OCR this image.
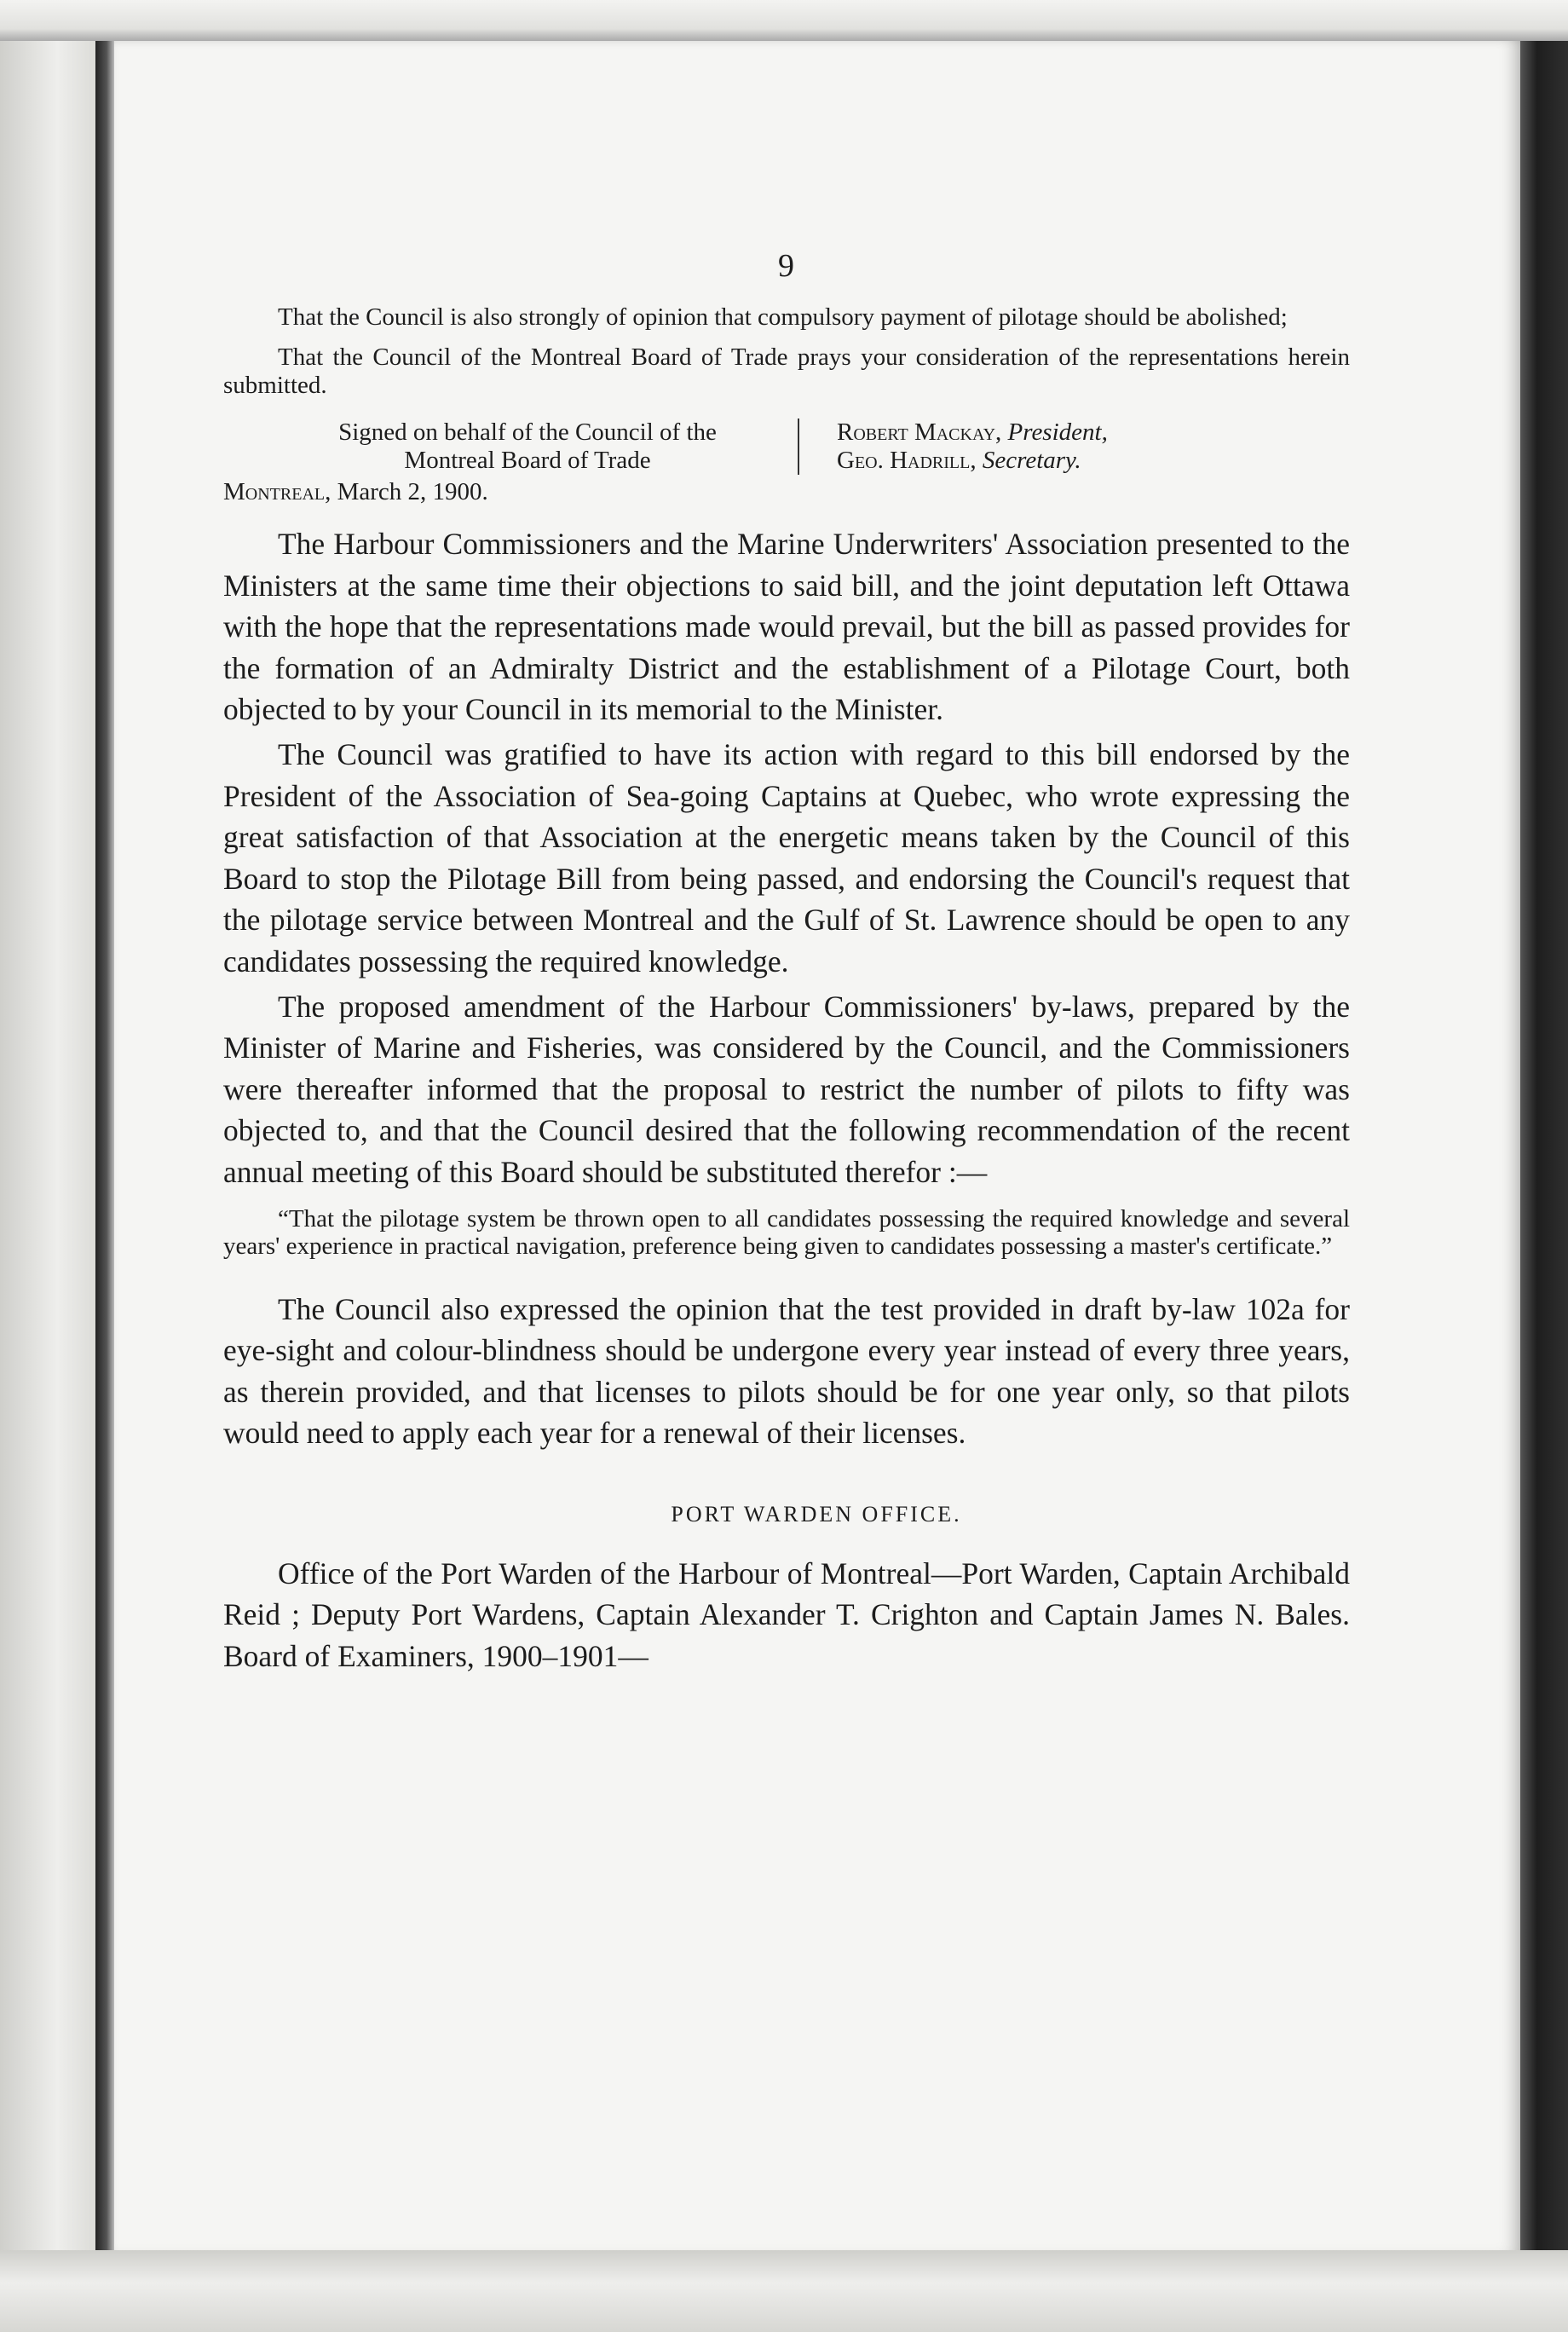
9

That the Council is also strongly of opinion that compulsory payment of pilotage should be abolished;

That the Council of the Montreal Board of Trade prays your consideration of the representations herein submitted.

Signed on behalf of the Council of the
Montreal Board of Trade
Robert Mackay, President,
Geo. Hadrill, Secretary.
Montreal, March 2, 1900.

The Harbour Commissioners and the Marine Underwriters' Association presented to the Ministers at the same time their objections to said bill, and the joint deputation left Ottawa with the hope that the representations made would prevail, but the bill as passed provides for the formation of an Admiralty District and the establishment of a Pilotage Court, both objected to by your Council in its memorial to the Minister.

The Council was gratified to have its action with regard to this bill endorsed by the President of the Association of Sea-going Captains at Quebec, who wrote expressing the great satisfaction of that Association at the energetic means taken by the Council of this Board to stop the Pilotage Bill from being passed, and endorsing the Council's request that the pilotage service between Montreal and the Gulf of St. Lawrence should be open to any candidates possessing the required knowledge.

The proposed amendment of the Harbour Commissioners' by-laws, prepared by the Minister of Marine and Fisheries, was considered by the Council, and the Commissioners were thereafter informed that the proposal to restrict the number of pilots to fifty was objected to, and that the Council desired that the following recommendation of the recent annual meeting of this Board should be substituted therefor :—

“That the pilotage system be thrown open to all candidates possessing the required knowledge and several years' experience in practical navigation, preference being given to candidates possessing a master's certificate.”

The Council also expressed the opinion that the test provided in draft by-law 102a for eye-sight and colour-blindness should be undergone every year instead of every three years, as therein provided, and that licenses to pilots should be for one year only, so that pilots would need to apply each year for a renewal of their licenses.

PORT WARDEN OFFICE.

Office of the Port Warden of the Harbour of Montreal—Port Warden, Captain Archibald Reid ; Deputy Port Wardens, Captain Alexander T. Crighton and Captain James N. Bales. Board of Examiners, 1900–1901—
